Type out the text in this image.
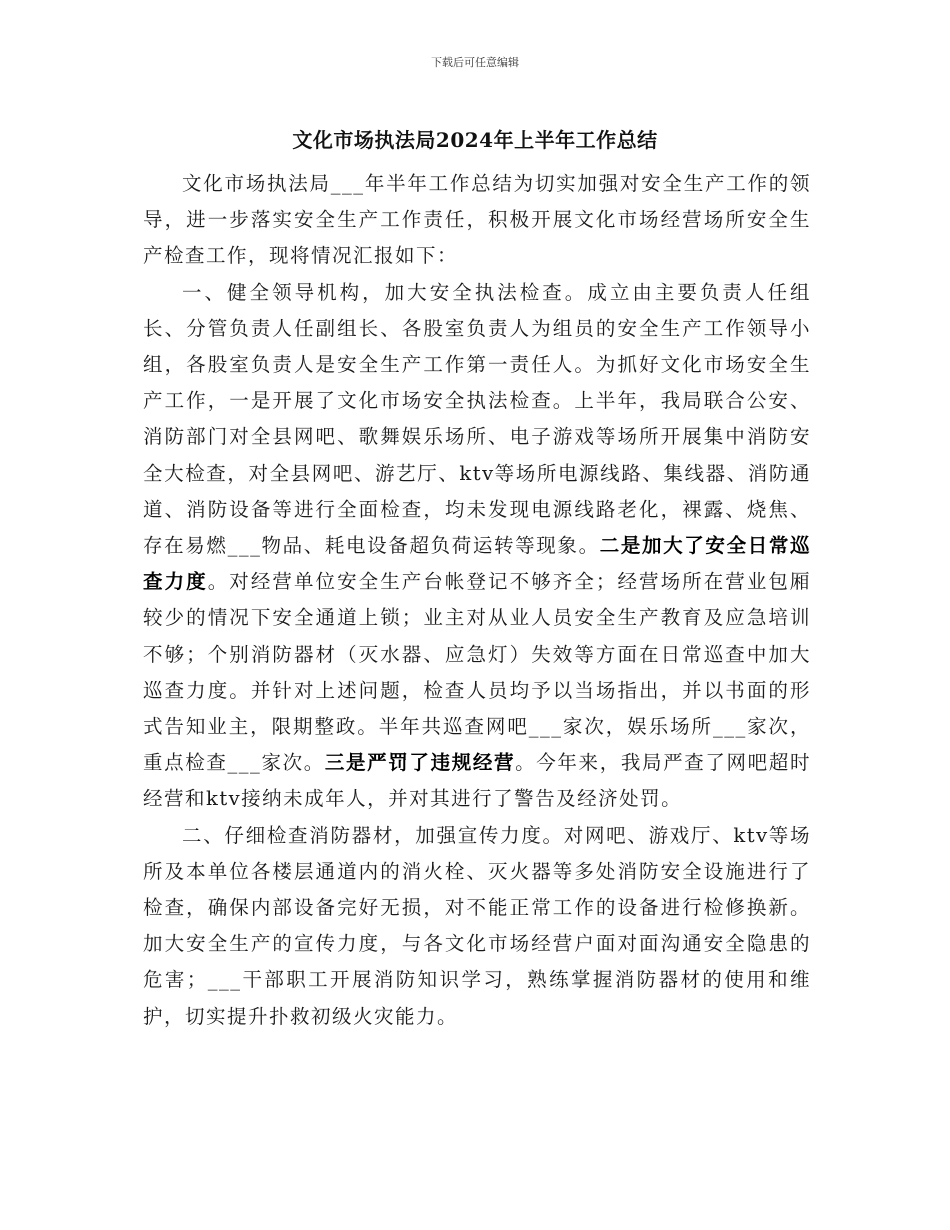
下载后可任意编辑
文化市场执法局2024年上半年工作总结

文化市场执法局___年半年工作总结为切实加强对安全生产工作的领导，进一步落实安全生产工作责任，积极开展文化市场经营场所安全生产检查工作，现将情况汇报如下：

一、健全领导机构，加大安全执法检查。成立由主要负责人任组长、分管负责人任副组长、各股室负责人为组员的安全生产工作领导小组，各股室负责人是安全生产工作第一责任人。为抓好文化市场安全生产工作，一是开展了文化市场安全执法检查。上半年，我局联合公安、消防部门对全县网吧、歌舞娱乐场所、电子游戏等场所开展集中消防安全大检查，对全县网吧、游艺厅、ktv等场所电源线路、集线器、消防通道、消防设备等进行全面检查，均未发现电源线路老化，裸露、烧焦、存在易燃___物品、耗电设备超负荷运转等现象。二是加大了安全日常巡查力度。对经营单位安全生产台帐登记不够齐全；经营场所在营业包厢较少的情况下安全通道上锁；业主对从业人员安全生产教育及应急培训不够；个别消防器材（灭水器、应急灯）失效等方面在日常巡查中加大巡查力度。并针对上述问题，检查人员均予以当场指出，并以书面的形式告知业主，限期整政。半年共巡查网吧___家次，娱乐场所___家次，重点检查___家次。三是严罚了违规经营。今年来，我局严查了网吧超时经营和ktv接纳未成年人，并对其进行了警告及经济处罚。

二、仔细检查消防器材，加强宣传力度。对网吧、游戏厅、ktv等场所及本单位各楼层通道内的消火栓、灭火器等多处消防安全设施进行了检查，确保内部设备完好无损，对不能正常工作的设备进行检修换新。加大安全生产的宣传力度，与各文化市场经营户面对面沟通安全隐患的危害；___干部职工开展消防知识学习，熟练掌握消防器材的使用和维护，切实提升扑救初级火灾能力。
